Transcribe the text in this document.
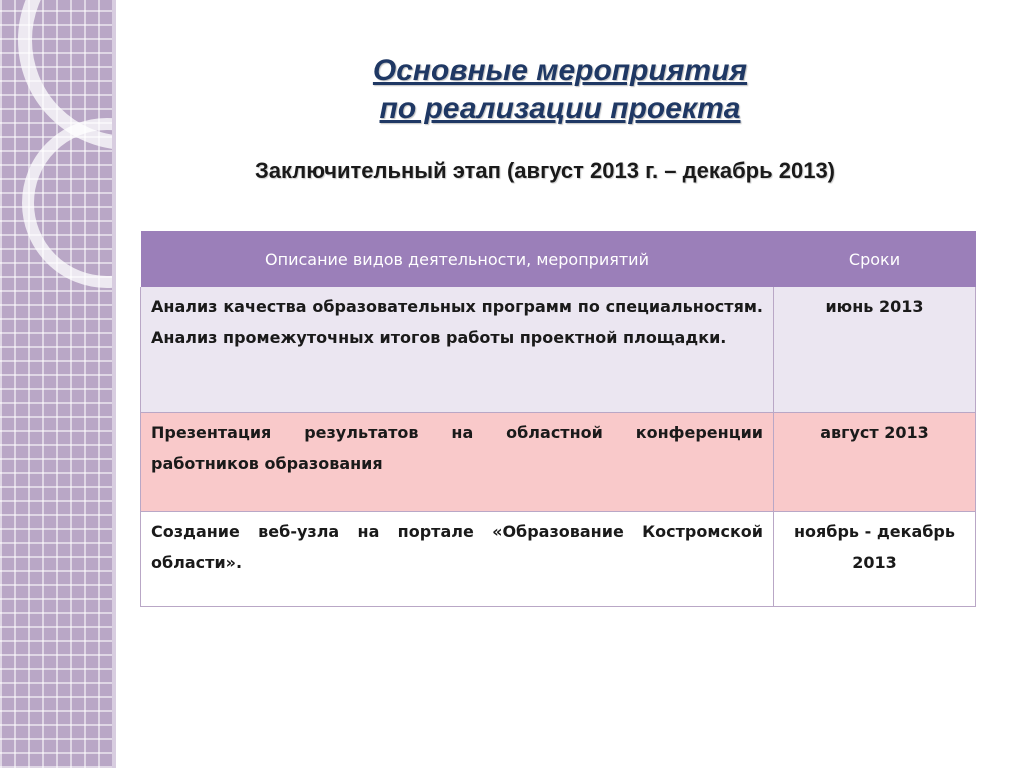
Основные мероприятия
по реализации проекта
Заключительный этап (август 2013 г. – декабрь 2013)
Описание видов деятельности, мероприятий	Сроки
Анализ качества образовательных программ по специальностям. Анализ промежуточных итогов работы проектной площадки.	июнь 2013
Презентация результатов на областной конференции работников образования	август 2013
Создание веб-узла на портале «Образование Костромской области».	ноябрь - декабрь 2013
